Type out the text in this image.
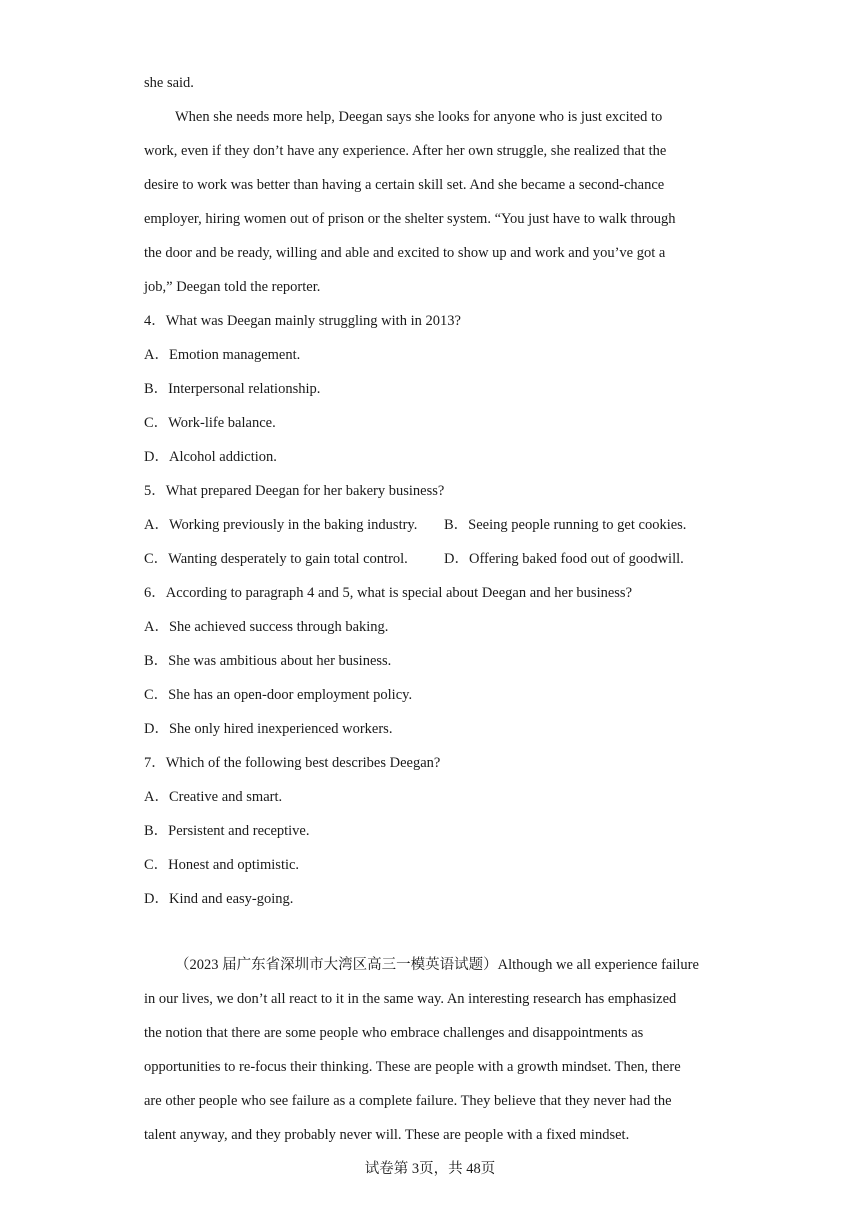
she said.
When she needs more help, Deegan says she looks for anyone who is just excited to
work, even if they don’t have any experience. After her own struggle, she realized that the
desire to work was better than having a certain skill set. And she became a second-chance
employer, hiring women out of prison or the shelter system. “You just have to walk through
the door and be ready, willing and able and excited to show up and work and you’ve got a
job,” Deegan told the reporter.
4．What was Deegan mainly struggling with in 2013?
A．Emotion management.
B．Interpersonal relationship.
C．Work-life balance.
D．Alcohol addiction.
5．What prepared Deegan for her bakery business?
A．Working previously in the baking industry. B．Seeing people running to get cookies.
C．Wanting desperately to gain total control. D．Offering baked food out of goodwill.
6．According to paragraph 4 and 5, what is special about Deegan and her business?
A．She achieved success through baking.
B．She was ambitious about her business.
C．She has an open-door employment policy.
D．She only hired inexperienced workers.
7．Which of the following best describes Deegan?
A．Creative and smart.
B．Persistent and receptive.
C．Honest and optimistic.
D．Kind and easy-going.
（2023 届广东省深圳市大湾区高三一模英语试题）Although we all experience failure
in our lives, we don’t all react to it in the same way. An interesting research has emphasized
the notion that there are some people who embrace challenges and disappointments as
opportunities to re-focus their thinking. These are people with a growth mindset. Then, there
are other people who see failure as a complete failure. They believe that they never had the
talent anyway, and they probably never will. These are people with a fixed mindset.
试卷第 3页，共 48页
